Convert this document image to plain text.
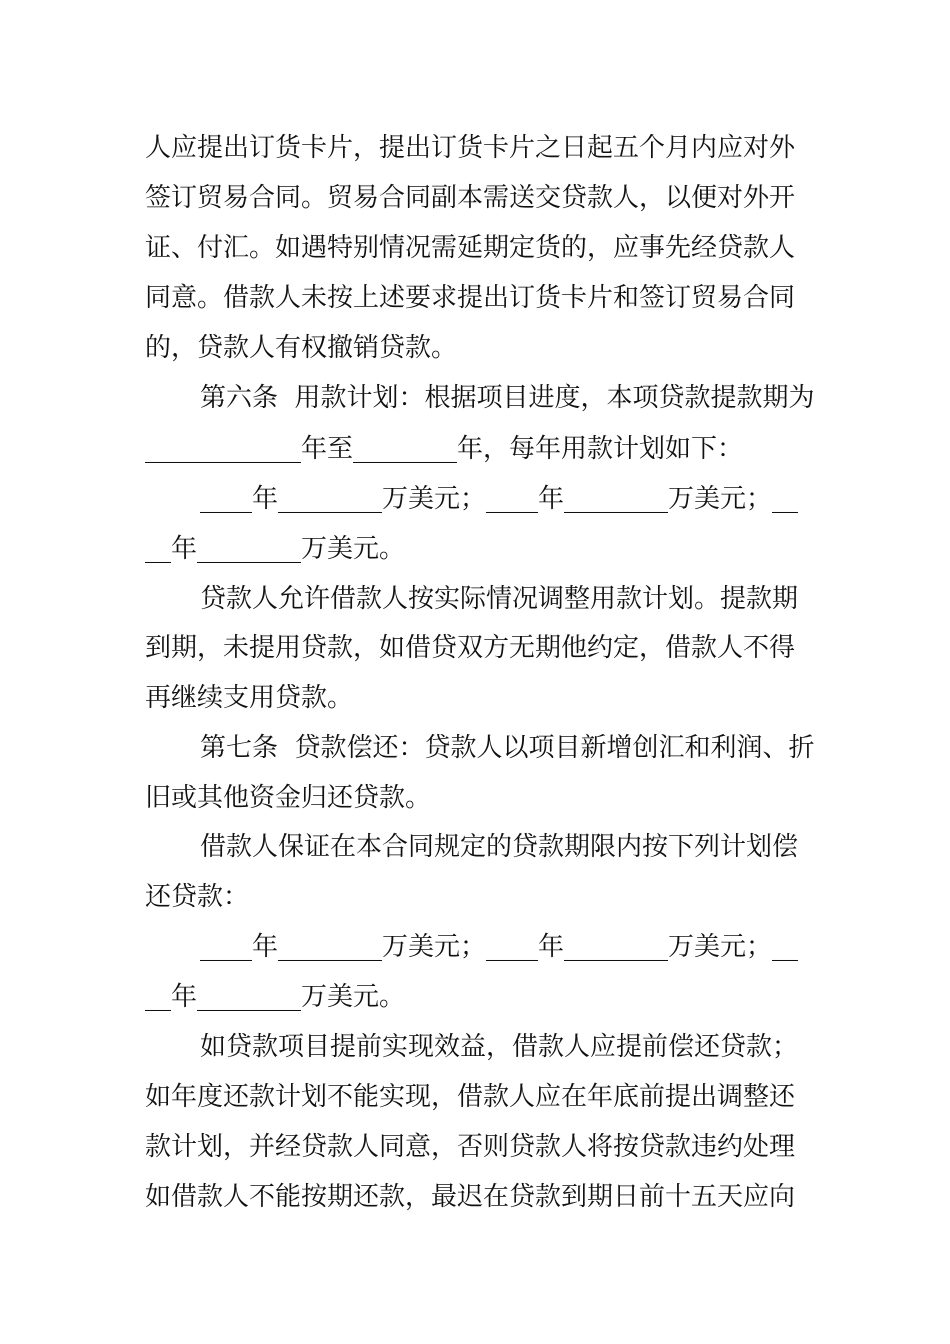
人应提出订货卡片，提出订货卡片之日起五个月内应对外
签订贸易合同。贸易合同副本需送交贷款人，以便对外开
证、付汇。如遇特别情况需延期定货的，应事先经贷款人
同意。借款人未按上述要求提出订货卡片和签订贸易合同
的，贷款人有权撤销贷款。
第六条  用款计划：根据项目进度，本项贷款提款期为
____________年至________年，每年用款计划如下：
____年________万美元；____年________万美元；__
__年________万美元。
贷款人允许借款人按实际情况调整用款计划。提款期
到期，未提用贷款，如借贷双方无期他约定，借款人不得
再继续支用贷款。
第七条  贷款偿还：贷款人以项目新增创汇和利润、折
旧或其他资金归还贷款。
借款人保证在本合同规定的贷款期限内按下列计划偿
还贷款：
____年________万美元；____年________万美元；__
__年________万美元。
如贷款项目提前实现效益，借款人应提前偿还贷款；
如年度还款计划不能实现，借款人应在年底前提出调整还
款计划，并经贷款人同意，否则贷款人将按贷款违约处理
如借款人不能按期还款，最迟在贷款到期日前十五天应向
